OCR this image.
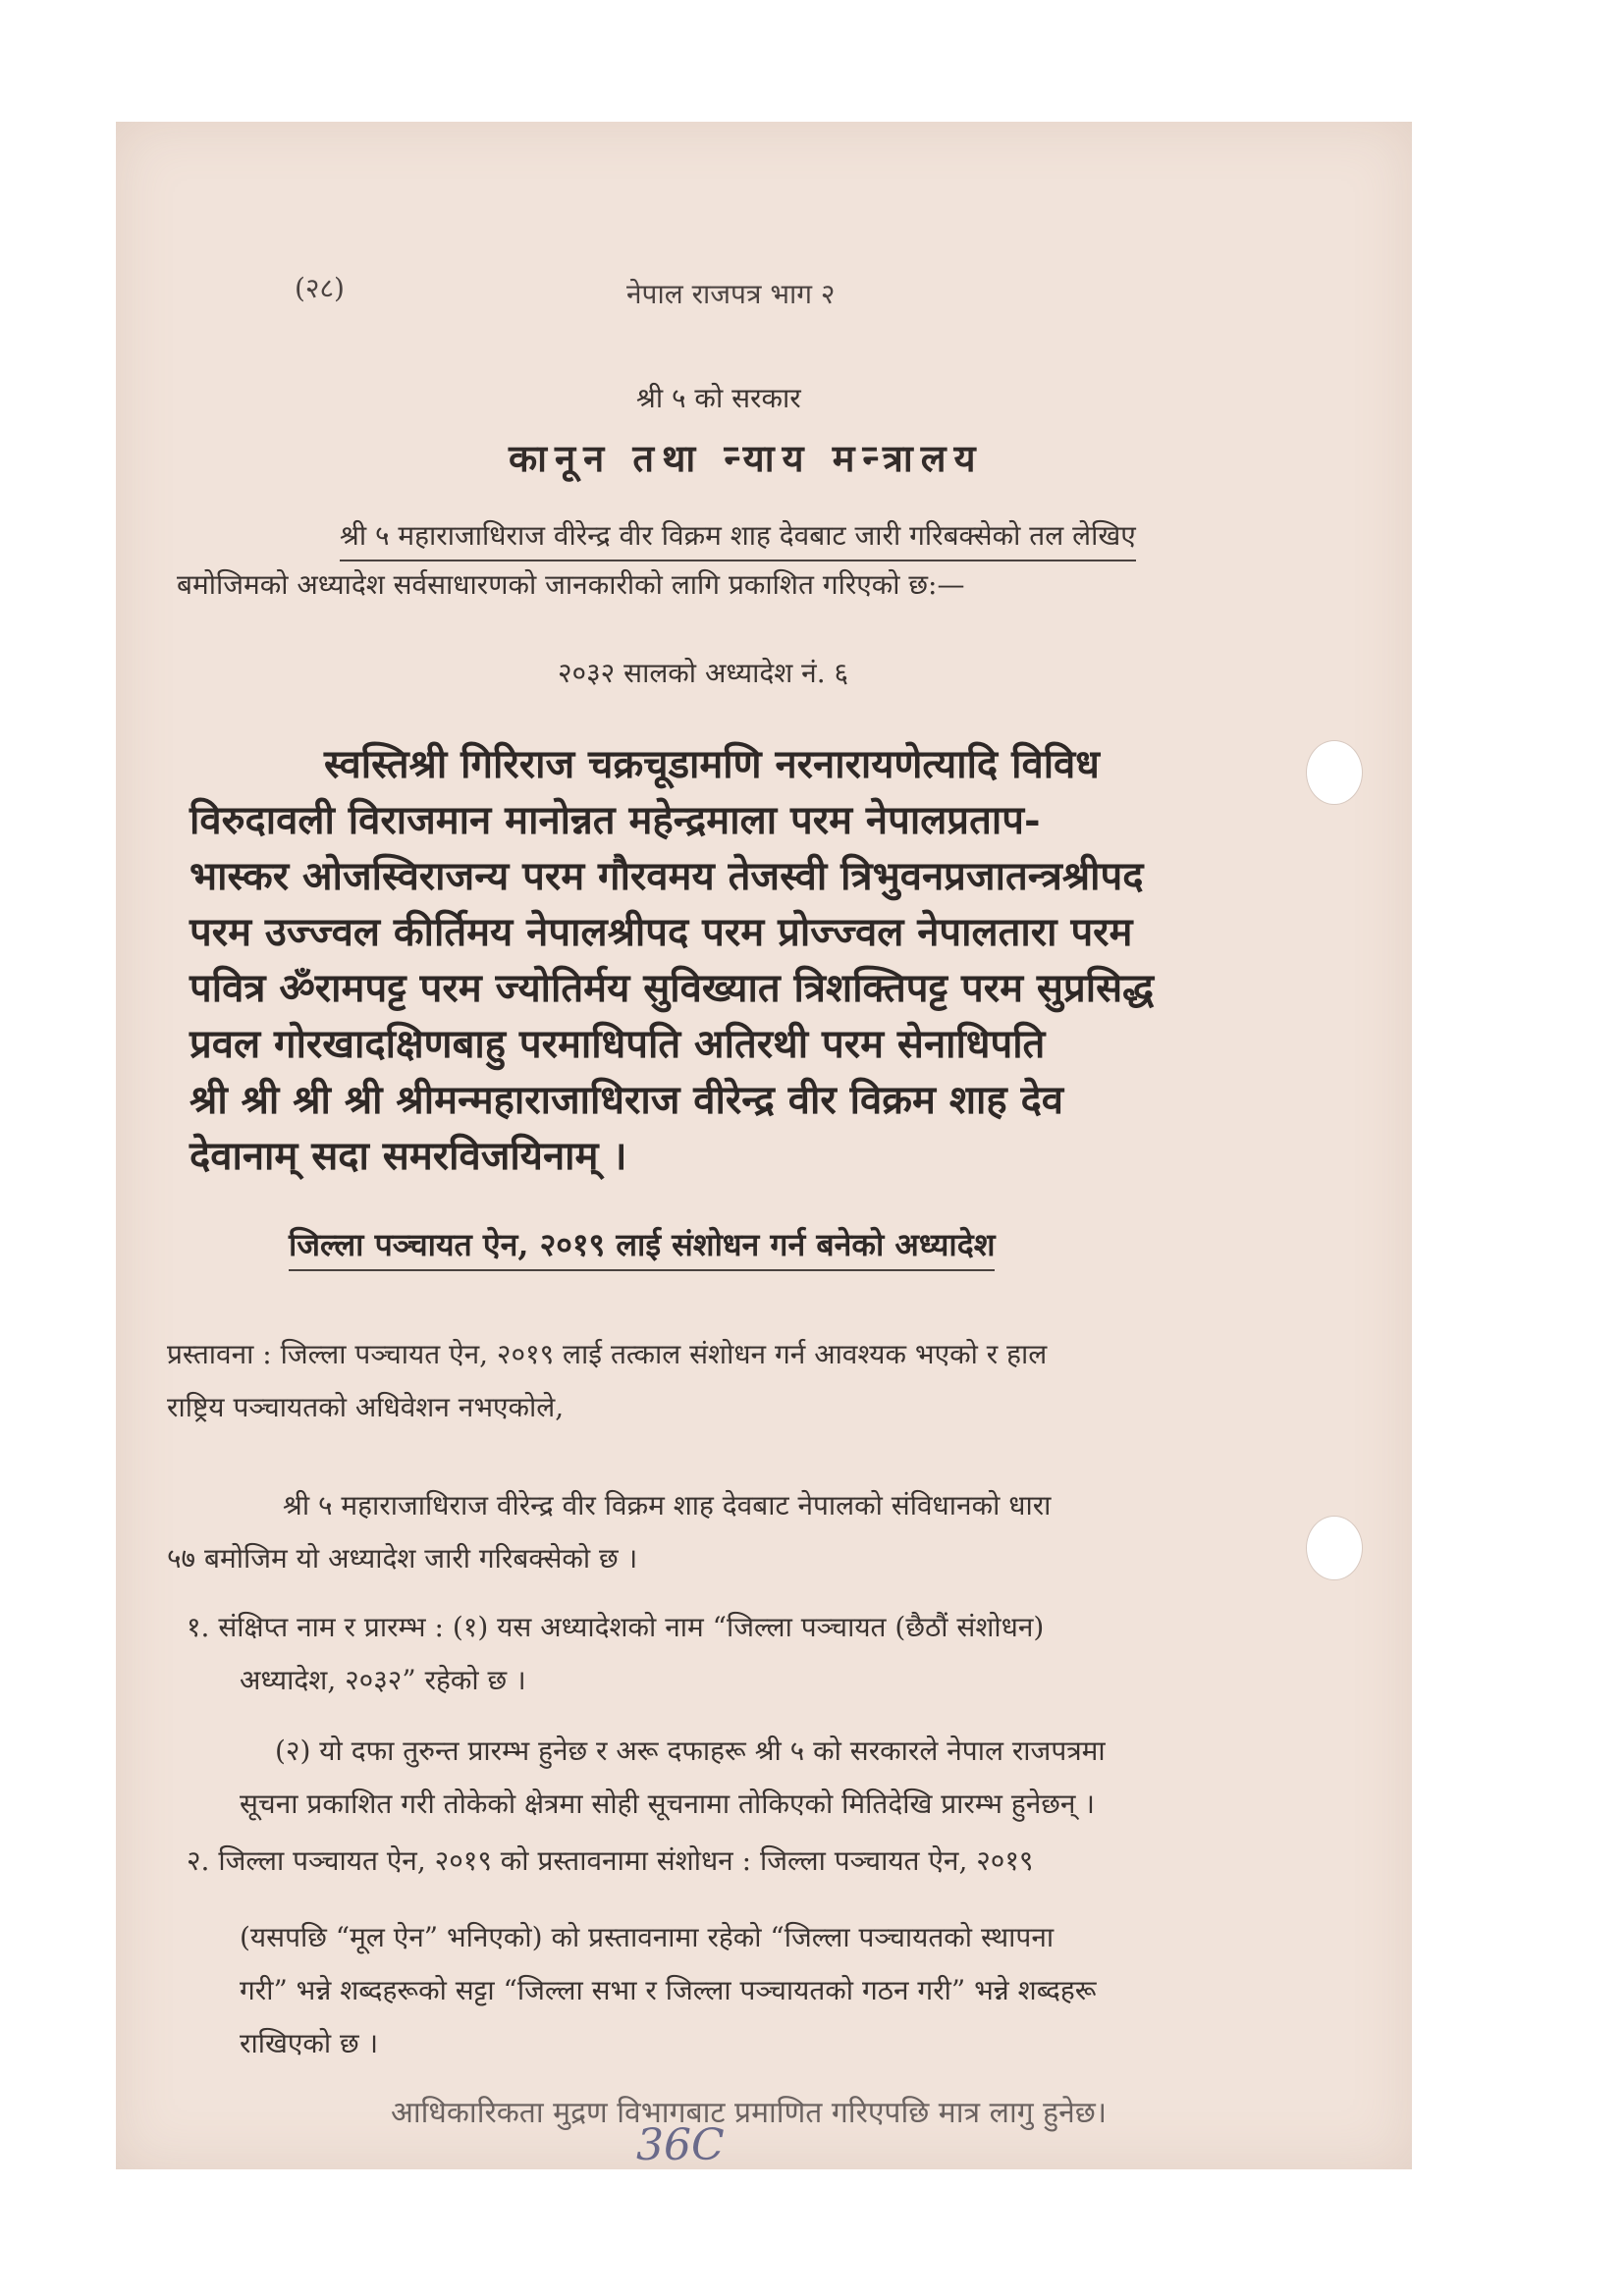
(२८)	नेपाल राजपत्र भाग २
श्री ५ को सरकार
कानून तथा न्याय मन्त्रालय
श्री ५ महाराजाधिराज वीरेन्द्र वीर विक्रम शाह देवबाट जारी गरिबक्सेको तल लेखिए
बमोजिमको अध्यादेश सर्वसाधारणको जानकारीको लागि प्रकाशित गरिएको छ:—
२०३२ सालको अध्यादेश नं. ६
स्वस्तिश्री गिरिराज चक्रचूडामणि नरनारायणेत्यादि विविध
विरुदावली विराजमान मानोन्नत महेन्द्रमाला परम नेपालप्रताप-
भास्कर ओजस्विराजन्य परम गौरवमय तेजस्वी त्रिभुवनप्रजातन्त्रश्रीपद
परम उज्ज्वल कीर्तिमय नेपालश्रीपद परम प्रोज्ज्वल नेपालतारा परम
पवित्र ॐरामपट्ट परम ज्योतिर्मय सुविख्यात त्रिशक्तिपट्ट परम सुप्रसिद्ध
प्रवल गोरखादक्षिणबाहु परमाधिपति अतिरथी परम सेनाधिपति
श्री श्री श्री श्री श्रीमन्महाराजाधिराज वीरेन्द्र वीर विक्रम शाह देव
देवानाम् सदा समरविजयिनाम् ।
जिल्ला पञ्चायत ऐन, २०१९ लाई संशोधन गर्न बनेको अध्यादेश
प्रस्तावना : जिल्ला पञ्चायत ऐन, २०१९ लाई तत्काल संशोधन गर्न आवश्यक भएको र हाल
राष्ट्रिय पञ्चायतको अधिवेशन नभएकोले,
श्री ५ महाराजाधिराज वीरेन्द्र वीर विक्रम शाह देवबाट नेपालको संविधानको धारा
५७ बमोजिम यो अध्यादेश जारी गरिबक्सेको छ ।
१. संक्षिप्त नाम र प्रारम्भ : (१) यस अध्यादेशको नाम “जिल्ला पञ्चायत (छैठौं संशोधन)
अध्यादेश, २०३२” रहेको छ ।
(२) यो दफा तुरुन्त प्रारम्भ हुनेछ र अरू दफाहरू श्री ५ को सरकारले नेपाल राजपत्रमा
सूचना प्रकाशित गरी तोकेको क्षेत्रमा सोही सूचनामा तोकिएको मितिदेखि प्रारम्भ हुनेछन् ।
२. जिल्ला पञ्चायत ऐन, २०१९ को प्रस्तावनामा संशोधन : जिल्ला पञ्चायत ऐन, २०१९
(यसपछि “मूल ऐन” भनिएको) को प्रस्तावनामा रहेको “जिल्ला पञ्चायतको स्थापना
गरी” भन्ने शब्दहरूको सट्टा “जिल्ला सभा र जिल्ला पञ्चायतको गठन गरी” भन्ने शब्दहरू
राखिएको छ ।
आधिकारिकता मुद्रण विभागबाट प्रमाणित गरिएपछि मात्र लागु हुनेछ।
36C
